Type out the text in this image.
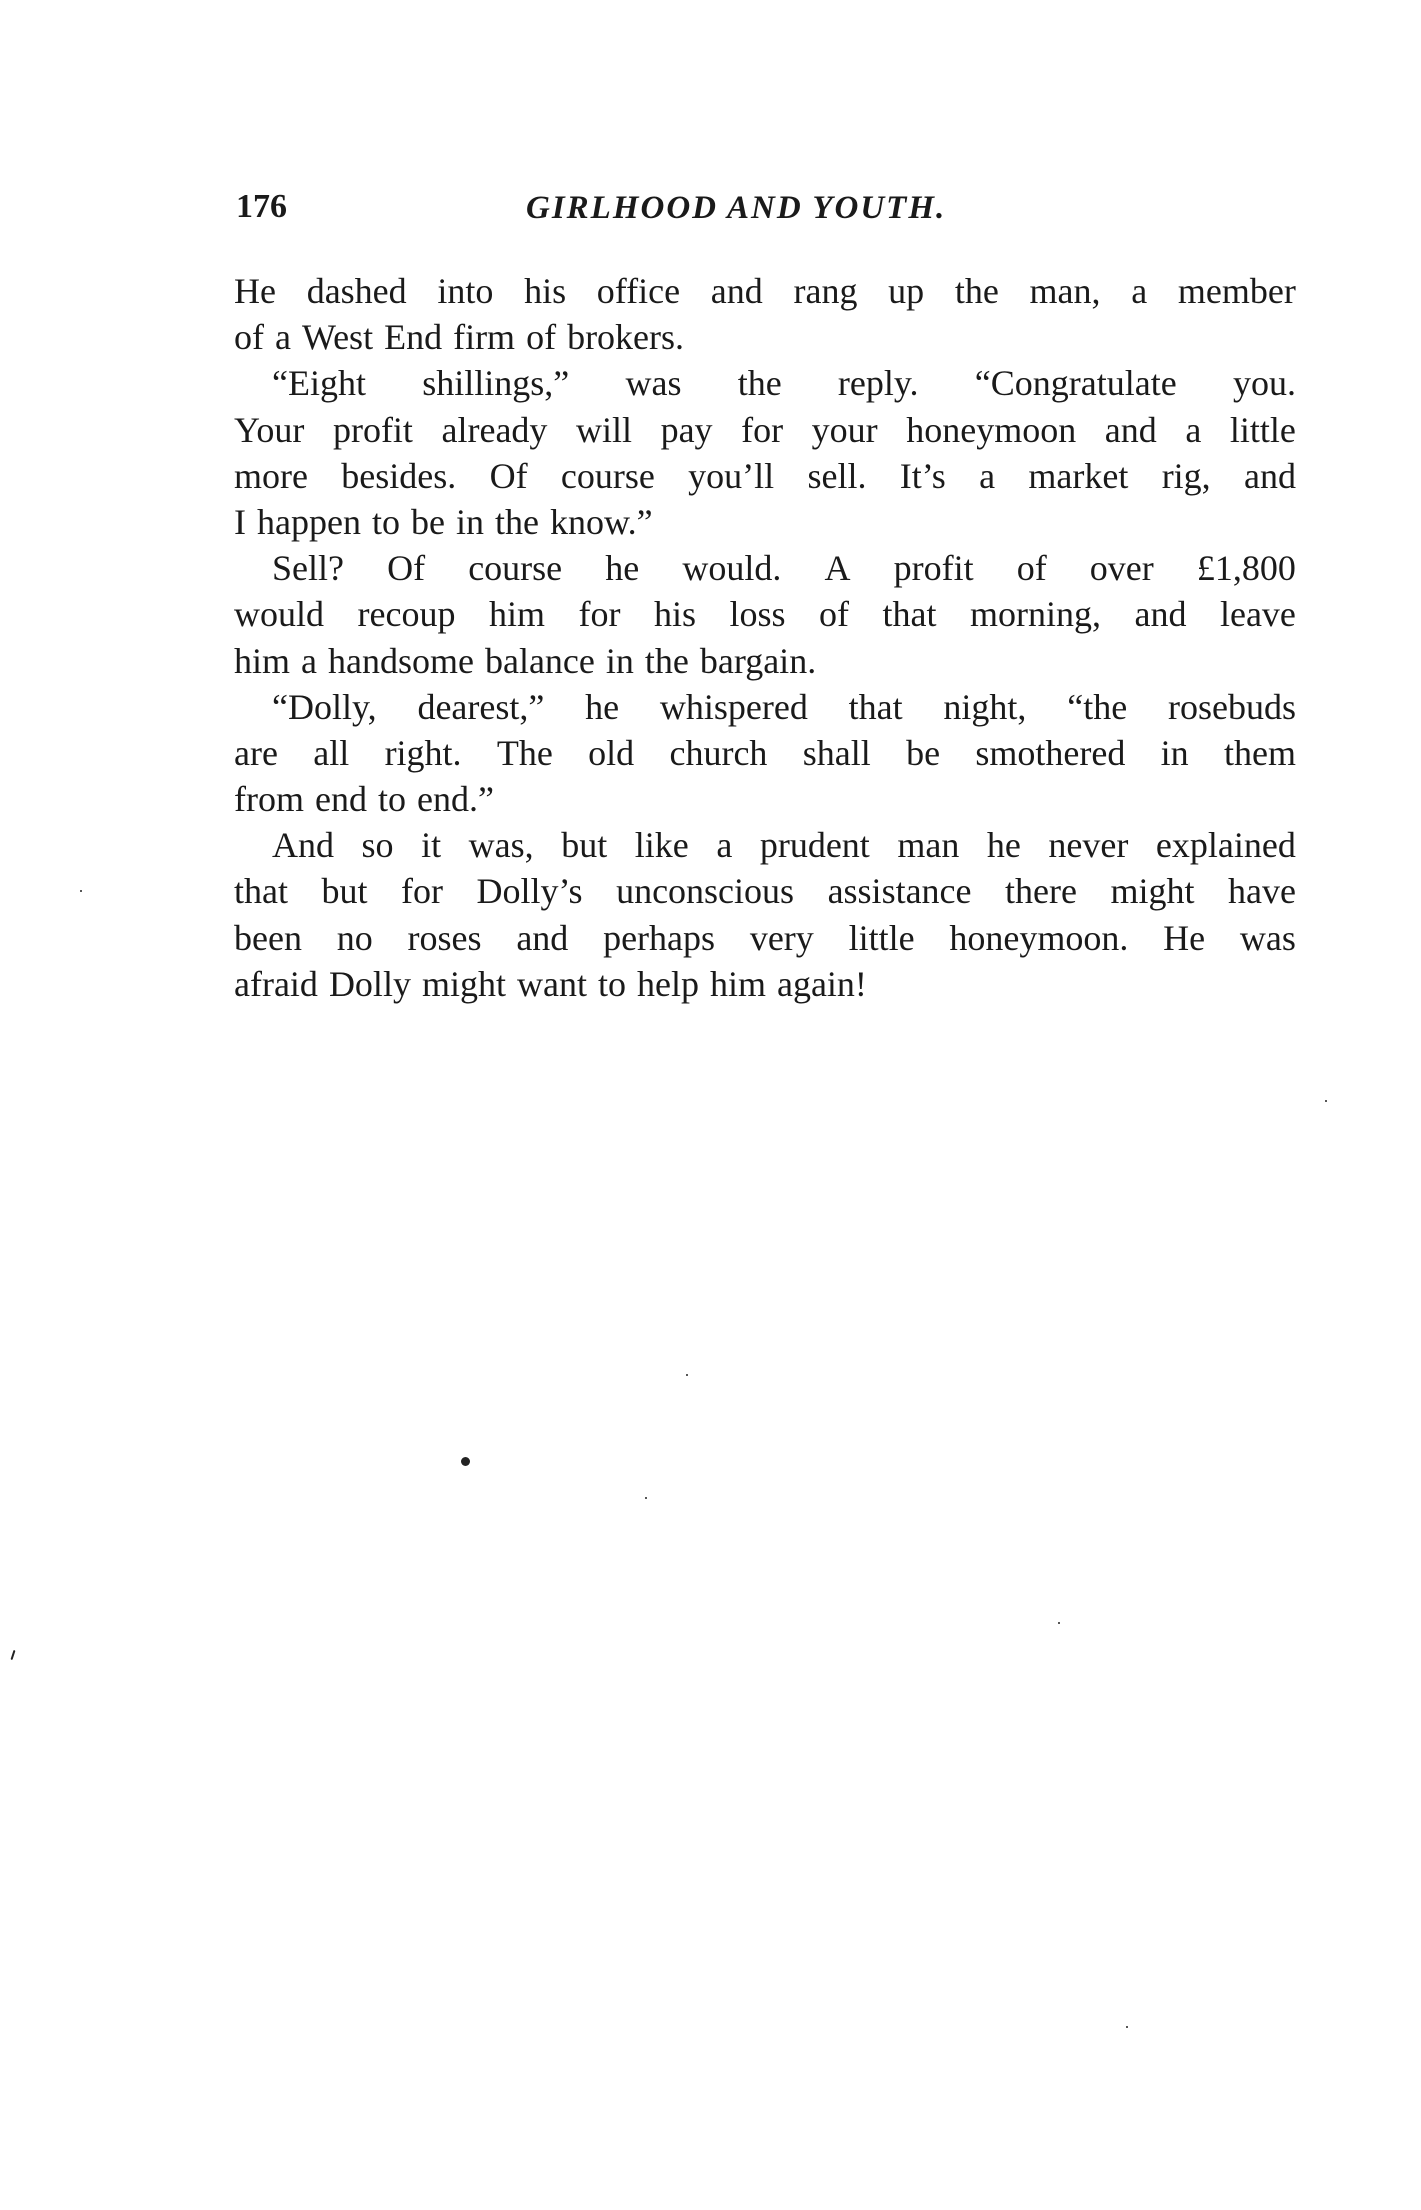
176	GIRLHOOD AND YOUTH.
He dashed into his office and rang up the man, a member
of a West End firm of brokers.
“Eight shillings,” was the reply. “Congratulate you.
Your profit already will pay for your honeymoon and a little
more besides. Of course you’ll sell. It’s a market rig, and
I happen to be in the know.”
Sell? Of course he would. A profit of over £1,800
would recoup him for his loss of that morning, and leave
him a handsome balance in the bargain.
“Dolly, dearest,” he whispered that night, “the rosebuds
are all right. The old church shall be smothered in them
from end to end.”
And so it was, but like a prudent man he never explained
that but for Dolly’s unconscious assistance there might have
been no roses and perhaps very little honeymoon. He was
afraid Dolly might want to help him again!
